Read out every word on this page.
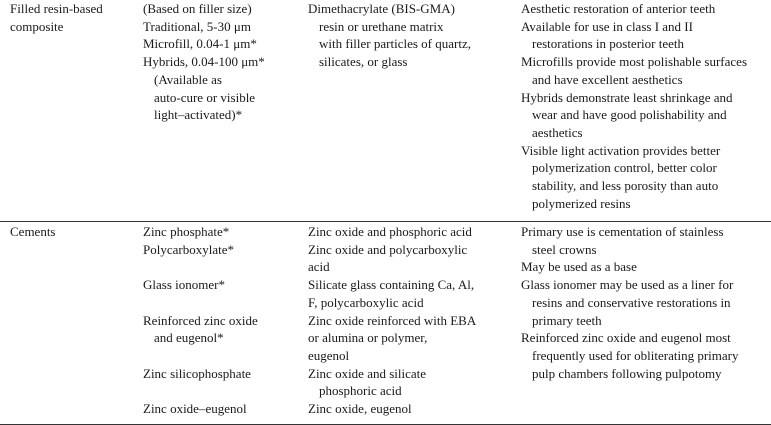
Filled resin-based
composite
(Based on filler size)
Traditional, 5-30 μm
Microfill, 0.04-1 μm*
Hybrids, 0.04-100 μm*
(Available as
auto-cure or visible
light–activated)*
Dimethacrylate (BIS-GMA)
resin or urethane matrix
with filler particles of quartz,
silicates, or glass
Aesthetic restoration of anterior teeth
Available for use in class I and II
restorations in posterior teeth
Microfills provide most polishable surfaces
and have excellent aesthetics
Hybrids demonstrate least shrinkage and
wear and have good polishability and
aesthetics
Visible light activation provides better
polymerization control, better color
stability, and less porosity than auto
polymerized resins
Cements	Zinc phosphate*
Polycarboxylate*

Glass ionomer*

Reinforced zinc oxide
and eugenol*

Zinc silicophosphate

Zinc oxide–eugenol
Zinc oxide and phosphoric acid
Zinc oxide and polycarboxylic
acid
Silicate glass containing Ca, Al,
F, polycarboxylic acid
Zinc oxide reinforced with EBA
or alumina or polymer,
eugenol
Zinc oxide and silicate
phosphoric acid
Zinc oxide, eugenol
Primary use is cementation of stainless
steel crowns
May be used as a base
Glass ionomer may be used as a liner for
resins and conservative restorations in
primary teeth
Reinforced zinc oxide and eugenol most
frequently used for obliterating primary
pulp chambers following pulpotomy
